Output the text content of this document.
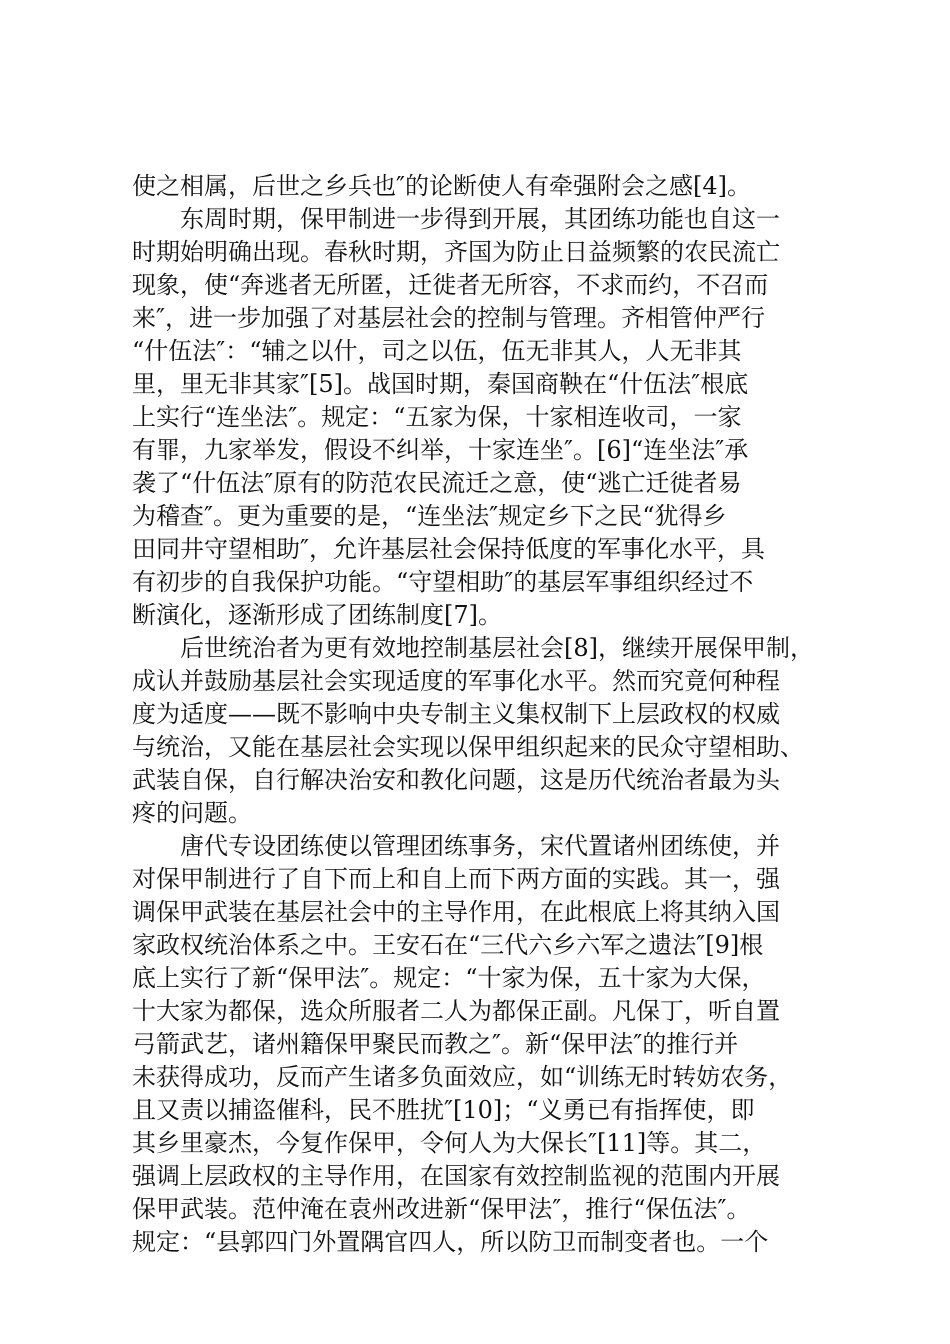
使之相属，后世之乡兵也″的论断使人有牵强附会之感[4]。
东周时期，保甲制进一步得到开展，其团练功能也自这一
时期始明确出现。春秋时期，齐国为防止日益频繁的农民流亡
现象，使“奔逃者无所匿，迁徙者无所容，不求而约，不召而
来″，进一步加强了对基层社会的控制与管理。齐相管仲严行
“什伍法″：“辅之以什，司之以伍，伍无非其人，人无非其
里，里无非其家″[5]。战国时期，秦国商鞅在“什伍法″根底
上实行“连坐法″。规定：“五家为保，十家相连收司，一家
有罪，九家举发，假设不纠举，十家连坐″。[6]“连坐法″承
袭了“什伍法″原有的防范农民流迁之意，使“逃亡迁徙者易
为稽查″。更为重要的是，“连坐法″规定乡下之民“犹得乡
田同井守望相助″，允许基层社会保持低度的军事化水平，具
有初步的自我保护功能。“守望相助″的基层军事组织经过不
断演化，逐渐形成了团练制度[7]。
后世统治者为更有效地控制基层社会[8]，继续开展保甲制，
成认并鼓励基层社会实现适度的军事化水平。然而究竟何种程
度为适度——既不影响中央专制主义集权制下上层政权的权威
与统治，又能在基层社会实现以保甲组织起来的民众守望相助、
武装自保，自行解决治安和教化问题，这是历代统治者最为头
疼的问题。
唐代专设团练使以管理团练事务，宋代置诸州团练使，并
对保甲制进行了自下而上和自上而下两方面的实践。其一，强
调保甲武装在基层社会中的主导作用，在此根底上将其纳入国
家政权统治体系之中。王安石在“三代六乡六军之遗法″[9]根
底上实行了新“保甲法″。规定：“十家为保，五十家为大保，
十大家为都保，选众所服者二人为都保正副。凡保丁，听自置
弓箭武艺，诸州籍保甲聚民而教之″。新“保甲法″的推行并
未获得成功，反而产生诸多负面效应，如“训练无时转妨农务，
且又责以捕盗催科，民不胜扰″[10]；“义勇已有指挥使，即
其乡里豪杰，今复作保甲，令何人为大保长″[11]等。其二，
强调上层政权的主导作用，在国家有效控制监视的范围内开展
保甲武装。范仲淹在袁州改进新“保甲法″，推行“保伍法″。
规定：“县郭四门外置隅官四人，所以防卫而制变者也。一个
